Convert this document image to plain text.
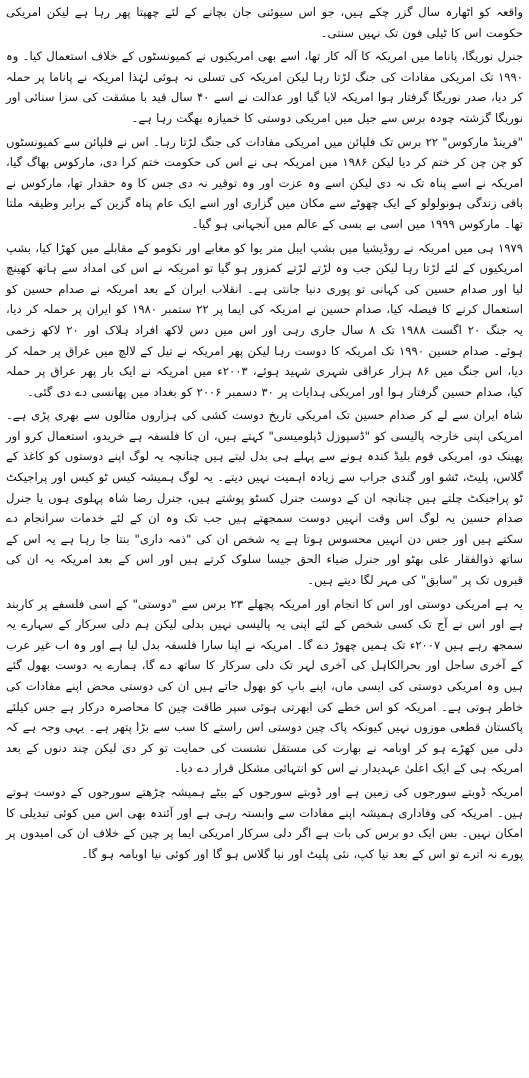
واقعہ کو اٹھارہ سال گزر چکے ہیں، جو اس سیوئنی جان بچانے کے لئے چھپتا پھر رہا ہے لیکن امریکی حکومت اس کا ٹیلی فون تک نہیں سنتی۔

جنرل نوریگا، پاناما میں امریکہ کا آلہ کار تھا، اسے بھی امریکیوں نے کمیونسٹوں کے خلاف استعمال کیا۔ وہ ۱۹۹۰ تک امریکی مفادات کی جنگ لڑتا رہا لیکن امریکہ کی تسلی نہ ہوئی لہٰذا امریکہ نے پاناما پر حملہ کر دیا، صدر نوریگا گرفتار ہوا امریکہ لایا گیا اور عدالت نے اسے ۴۰ سال قید با مشقت کی سزا سنائی اور نوریگا گزشتہ چودہ برس سے جیل میں امریکی دوستی کا خمیازہ بھگت رہا ہے۔

"فرینڈ مارکوس" ۲۲ برس تک فلپائن میں امریکی مفادات کی جنگ لڑتا رہا۔ اس نے فلپائن سے کمیونسٹوں کو چن چن کر ختم کر دیا لیکن ۱۹۸۶ میں امریکہ ہی نے اس کی حکومت ختم کرا دی، مارکوس بھاگ گیا، امریکہ نے اسے پناہ تک نہ دی لیکن اسے وہ عزت اور وہ توقیر نہ دی جس کا وہ حقدار تھا، مارکوس نے باقی زندگی ہونولولو کے ایک چھوٹے سے مکان میں گزاری اور اسے ایک عام پناہ گزین کے برابر وظیفہ ملتا تھا۔ مارکوس ۱۹۹۹ میں اسی بے بسی کے عالم میں آنجہانی ہو گیا۔

۱۹۷۹ ہی میں امریکہ نے روڈیشیا میں بشپ ایبل منر یوا کو مغابے اور نکومو کے مقابلے میں کھڑا کیا، بشپ امریکیوں کے لئے لڑتا رہا لیکن جب وہ لڑتے لڑتے کمزور ہو گیا تو امریکہ نے اس کی امداد سے ہاتھ کھینچ لیا اور صدام حسین کی کہانی تو پوری دنیا جانتی ہے۔ انقلاب ایران کے بعد امریکہ نے صدام حسین کو استعمال کرنے کا فیصلہ کیا، صدام حسین نے امریکہ کی ایما پر ۲۲ ستمبر ۱۹۸۰ کو ایران پر حملہ کر دیا، یہ جنگ ۲۰ اگست ۱۹۸۸ تک ۸ سال جاری رہی اور اس میں دس لاکھ افراد ہلاک اور ۲۰ لاکھ زخمی ہوئے۔ صدام حسین ۱۹۹۰ تک امریکہ کا دوست رہا لیکن پھر امریکہ نے تیل کے لالچ میں عراق پر حملہ کر دیا، اس جنگ میں ۸۶ ہزار عراقی شہری شہید ہوئے، ۲۰۰۳ء میں امریکہ نے ایک بار پھر عراق پر حملہ کیا، صدام حسین گرفتار ہوا اور امریکی ہدایات پر ۳۰ دسمبر ۲۰۰۶ کو بغداد میں پھانسی دے دی گئی۔

شاہ ایران سے لے کر صدام حسین تک امریکی تاریخ دوست کشی کی ہزاروں مثالوں سے بھری پڑی ہے۔ امریکی اپنی خارجہ پالیسی کو "ڈسپوزل ڈپلومیسی" کہتے ہیں، ان کا فلسفہ ہے خریدو، استعمال کرو اور پھینک دو، امریکی قوم بلیڈ کندہ ہونے سے پہلے ہی بدل لیتے ہیں چنانچہ یہ لوگ اپنے دوستوں کو کاغذ کے گلاس، پلیٹ، ٹشو اور گندی جراب سے زیادہ اہمیت نہیں دیتے۔ یہ لوگ ہمیشہ کیس ٹو کیس اور پراجیکٹ ٹو پراجیکٹ چلتے ہیں چنانچہ ان کے دوست جنرل کسٹو پوشتے ہیں، جنرل رضا شاہ پہلوی ہوں یا جنرل صدام حسین یہ لوگ اس وقت انہیں دوست سمجھتے ہیں جب تک وہ ان کے لئے خدمات سرانجام دے سکتے ہیں اور جس دن انہیں محسوس ہوتا ہے یہ شخص ان کی "ذمہ داری" بنتا جا رہا ہے یہ اس کے ساتھ ذوالفقار علی بھٹو اور جنرل ضیاء الحق جیسا سلوک کرتے ہیں اور اس کے بعد امریکہ یہ ان کی قبروں تک پر "سابق" کی مہر لگا دیتے ہیں۔

یہ ہے امریکی دوستی اور اس کا انجام اور امریکہ پچھلے ۲۳ برس سے "دوستی" کے اسی فلسفے پر کاربند ہے اور اس نے آج تک کسی شخص کے لئے اپنی یہ پالیسی نہیں بدلی لیکن ہم دلی سرکار کے سہارے یہ سمجھ رہے ہیں ۲۰۰۷ء تک ہمیں چھوڑ دے گا۔ امریکہ نے اپنا سارا فلسفہ بدل لیا ہے اور وہ اب غیر عرب کے آخری ساحل اور بحرالکاہل کی آخری لہر تک دلی سرکار کا ساتھ دے گا، ہمارے یہ دوست بھول گئے ہیں وہ امریکی دوستی کی ایسی ماں، اپنے باپ کو بھول جاتے ہیں ان کی دوستی محض اپنے مفادات کی خاطر ہوتی ہے۔ امریکہ کو اس خطے کی ابھرتی ہوئی سپر طاقت چین کا محاصرہ درکار ہے جس کیلئے پاکستان قطعی موزوں نہیں کیونکہ پاک چین دوستی اس راستے کا سب سے بڑا پتھر ہے۔ یہی وجہ ہے کہ دلی میں کھڑے ہو کر اوبامہ نے بھارت کی مستقل نشست کی حمایت تو کر دی لیکن چند دنوں کے بعد امریکہ ہی کے ایک اعلیٰ عہدیدار نے اس کو انتہائی مشکل قرار دے دیا۔

امریکہ ڈوبتے سورجوں کی زمین ہے اور ڈوبتے سورجوں کے بیٹے ہمیشہ چڑھتے سورجوں کے دوست ہوتے ہیں۔ امریکہ کی وفاداری ہمیشہ اپنے مفادات سے وابستہ رہی ہے اور آئندہ بھی اس میں کوئی تبدیلی کا امکان نہیں۔ بس ایک دو برس کی بات ہے اگر دلی سرکار امریکی ایما پر چین کے خلاف ان کی امیدوں پر پورے نہ اترے تو اس کے بعد نیا کپ، نئی پلیٹ اور نیا گلاس ہو گا اور کوئی نیا اوبامہ ہو گا۔
